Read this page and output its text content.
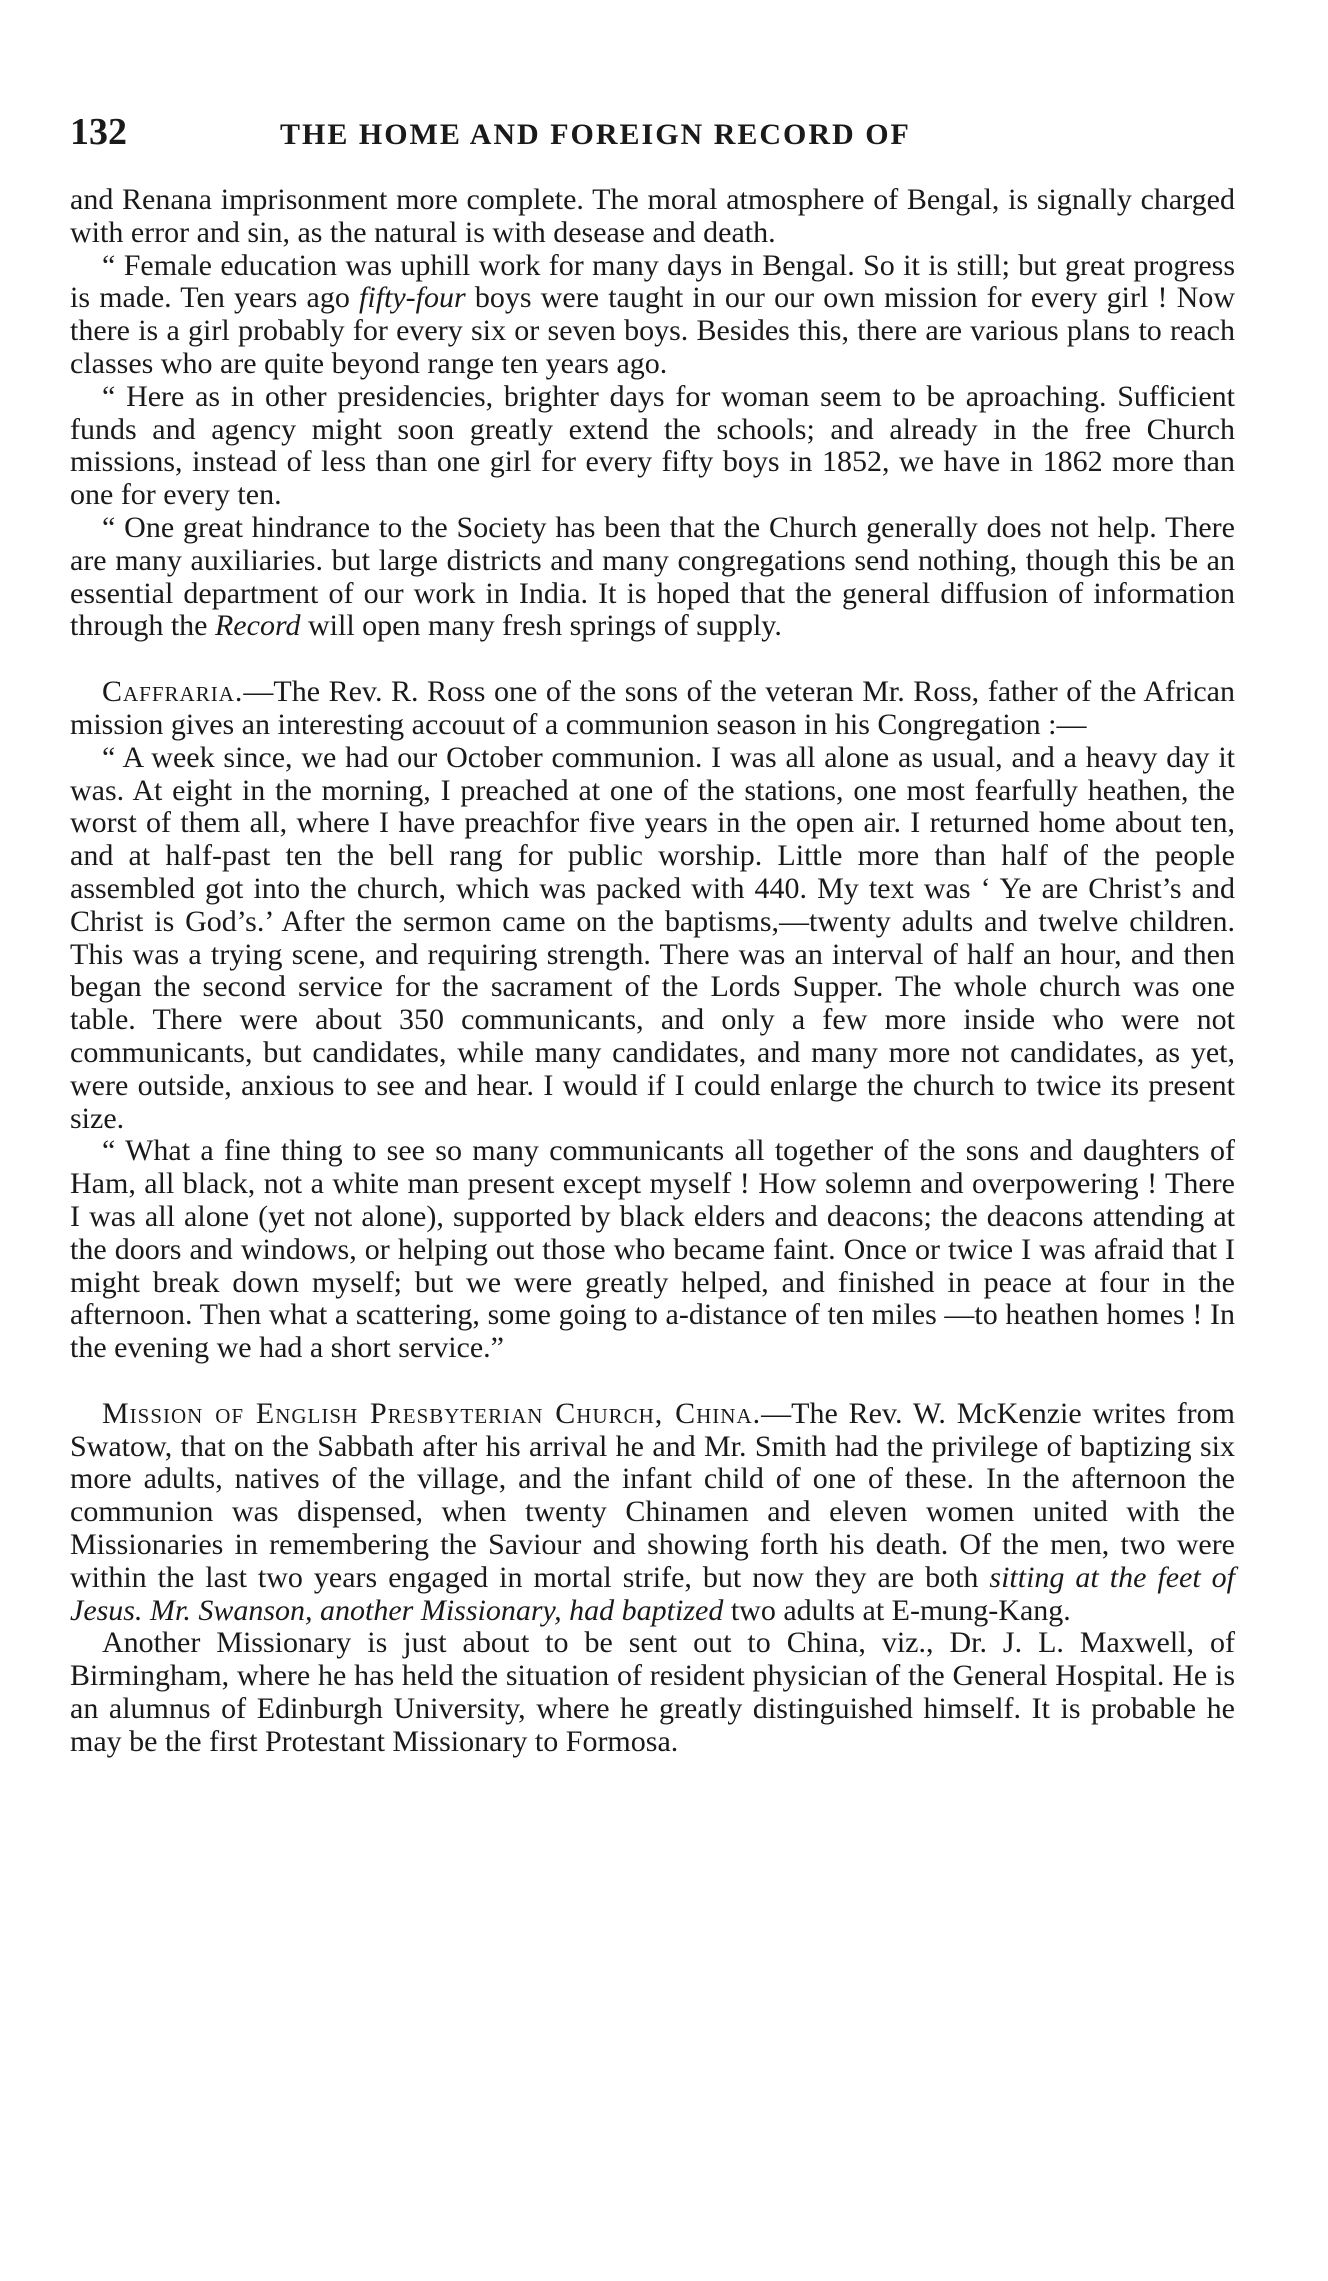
132	THE HOME AND FOREIGN RECORD OF

and Renana imprisonment more complete. The moral atmosphere of Bengal, is signally charged with error and sin, as the natural is with desease and death.

“ Female education was uphill work for many days in Bengal. So it is still; but great progress is made. Ten years ago fifty-four boys were taught in our our own mission for every girl ! Now there is a girl probably for every six or seven boys. Besides this, there are various plans to reach classes who are quite beyond range ten years ago.

“ Here as in other presidencies, brighter days for woman seem to be aproaching. Sufficient funds and agency might soon greatly extend the schools; and already in the free Church missions, instead of less than one girl for every fifty boys in 1852, we have in 1862 more than one for every ten.

“ One great hindrance to the Society has been that the Church generally does not help. There are many auxiliaries. but large districts and many congregations send nothing, though this be an essential department of our work in India. It is hoped that the general diffusion of information through the Record will open many fresh springs of supply.

Caffraria.—The Rev. R. Ross one of the sons of the veteran Mr. Ross, father of the African mission gives an interesting accouut of a communion season in his Congregation :—

“ A week since, we had our October communion. I was all alone as usual, and a heavy day it was. At eight in the morning, I preached at one of the stations, one most fearfully heathen, the worst of them all, where I have preachfor five years in the open air. I returned home about ten, and at half-past ten the bell rang for public worship. Little more than half of the people assembled got into the church, which was packed with 440. My text was ‘ Ye are Christ’s and Christ is God’s.’ After the sermon came on the baptisms,—twenty adults and twelve children. This was a trying scene, and requiring strength. There was an interval of half an hour, and then began the second service for the sacrament of the Lords Supper. The whole church was one table. There were about 350 communicants, and only a few more inside who were not communicants, but candidates, while many candidates, and many more not candidates, as yet, were outside, anxious to see and hear. I would if I could enlarge the church to twice its present size.

“ What a fine thing to see so many communicants all together of the sons and daughters of Ham, all black, not a white man present except myself ! How solemn and overpowering ! There I was all alone (yet not alone), supported by black elders and deacons; the deacons attending at the doors and windows, or helping out those who became faint. Once or twice I was afraid that I might break down myself; but we were greatly helped, and finished in peace at four in the afternoon. Then what a scattering, some going to a-distance of ten miles —to heathen homes ! In the evening we had a short service.”

Mission of English Presbyterian Church, China.—The Rev. W. McKenzie writes from Swatow, that on the Sabbath after his arrival he and Mr. Smith had the privilege of baptizing six more adults, natives of the village, and the infant child of one of these. In the afternoon the communion was dispensed, when twenty Chinamen and eleven women united with the Missionaries in remembering the Saviour and showing forth his death. Of the men, two were within the last two years engaged in mortal strife, but now they are both sitting at the feet of Jesus. Mr. Swanson, another Missionary, had baptized two adults at E-mung-Kang.

Another Missionary is just about to be sent out to China, viz., Dr. J. L. Maxwell, of Birmingham, where he has held the situation of resident physician of the General Hospital. He is an alumnus of Edinburgh University, where he greatly distinguished himself. It is probable he may be the first Protestant Missionary to Formosa.
